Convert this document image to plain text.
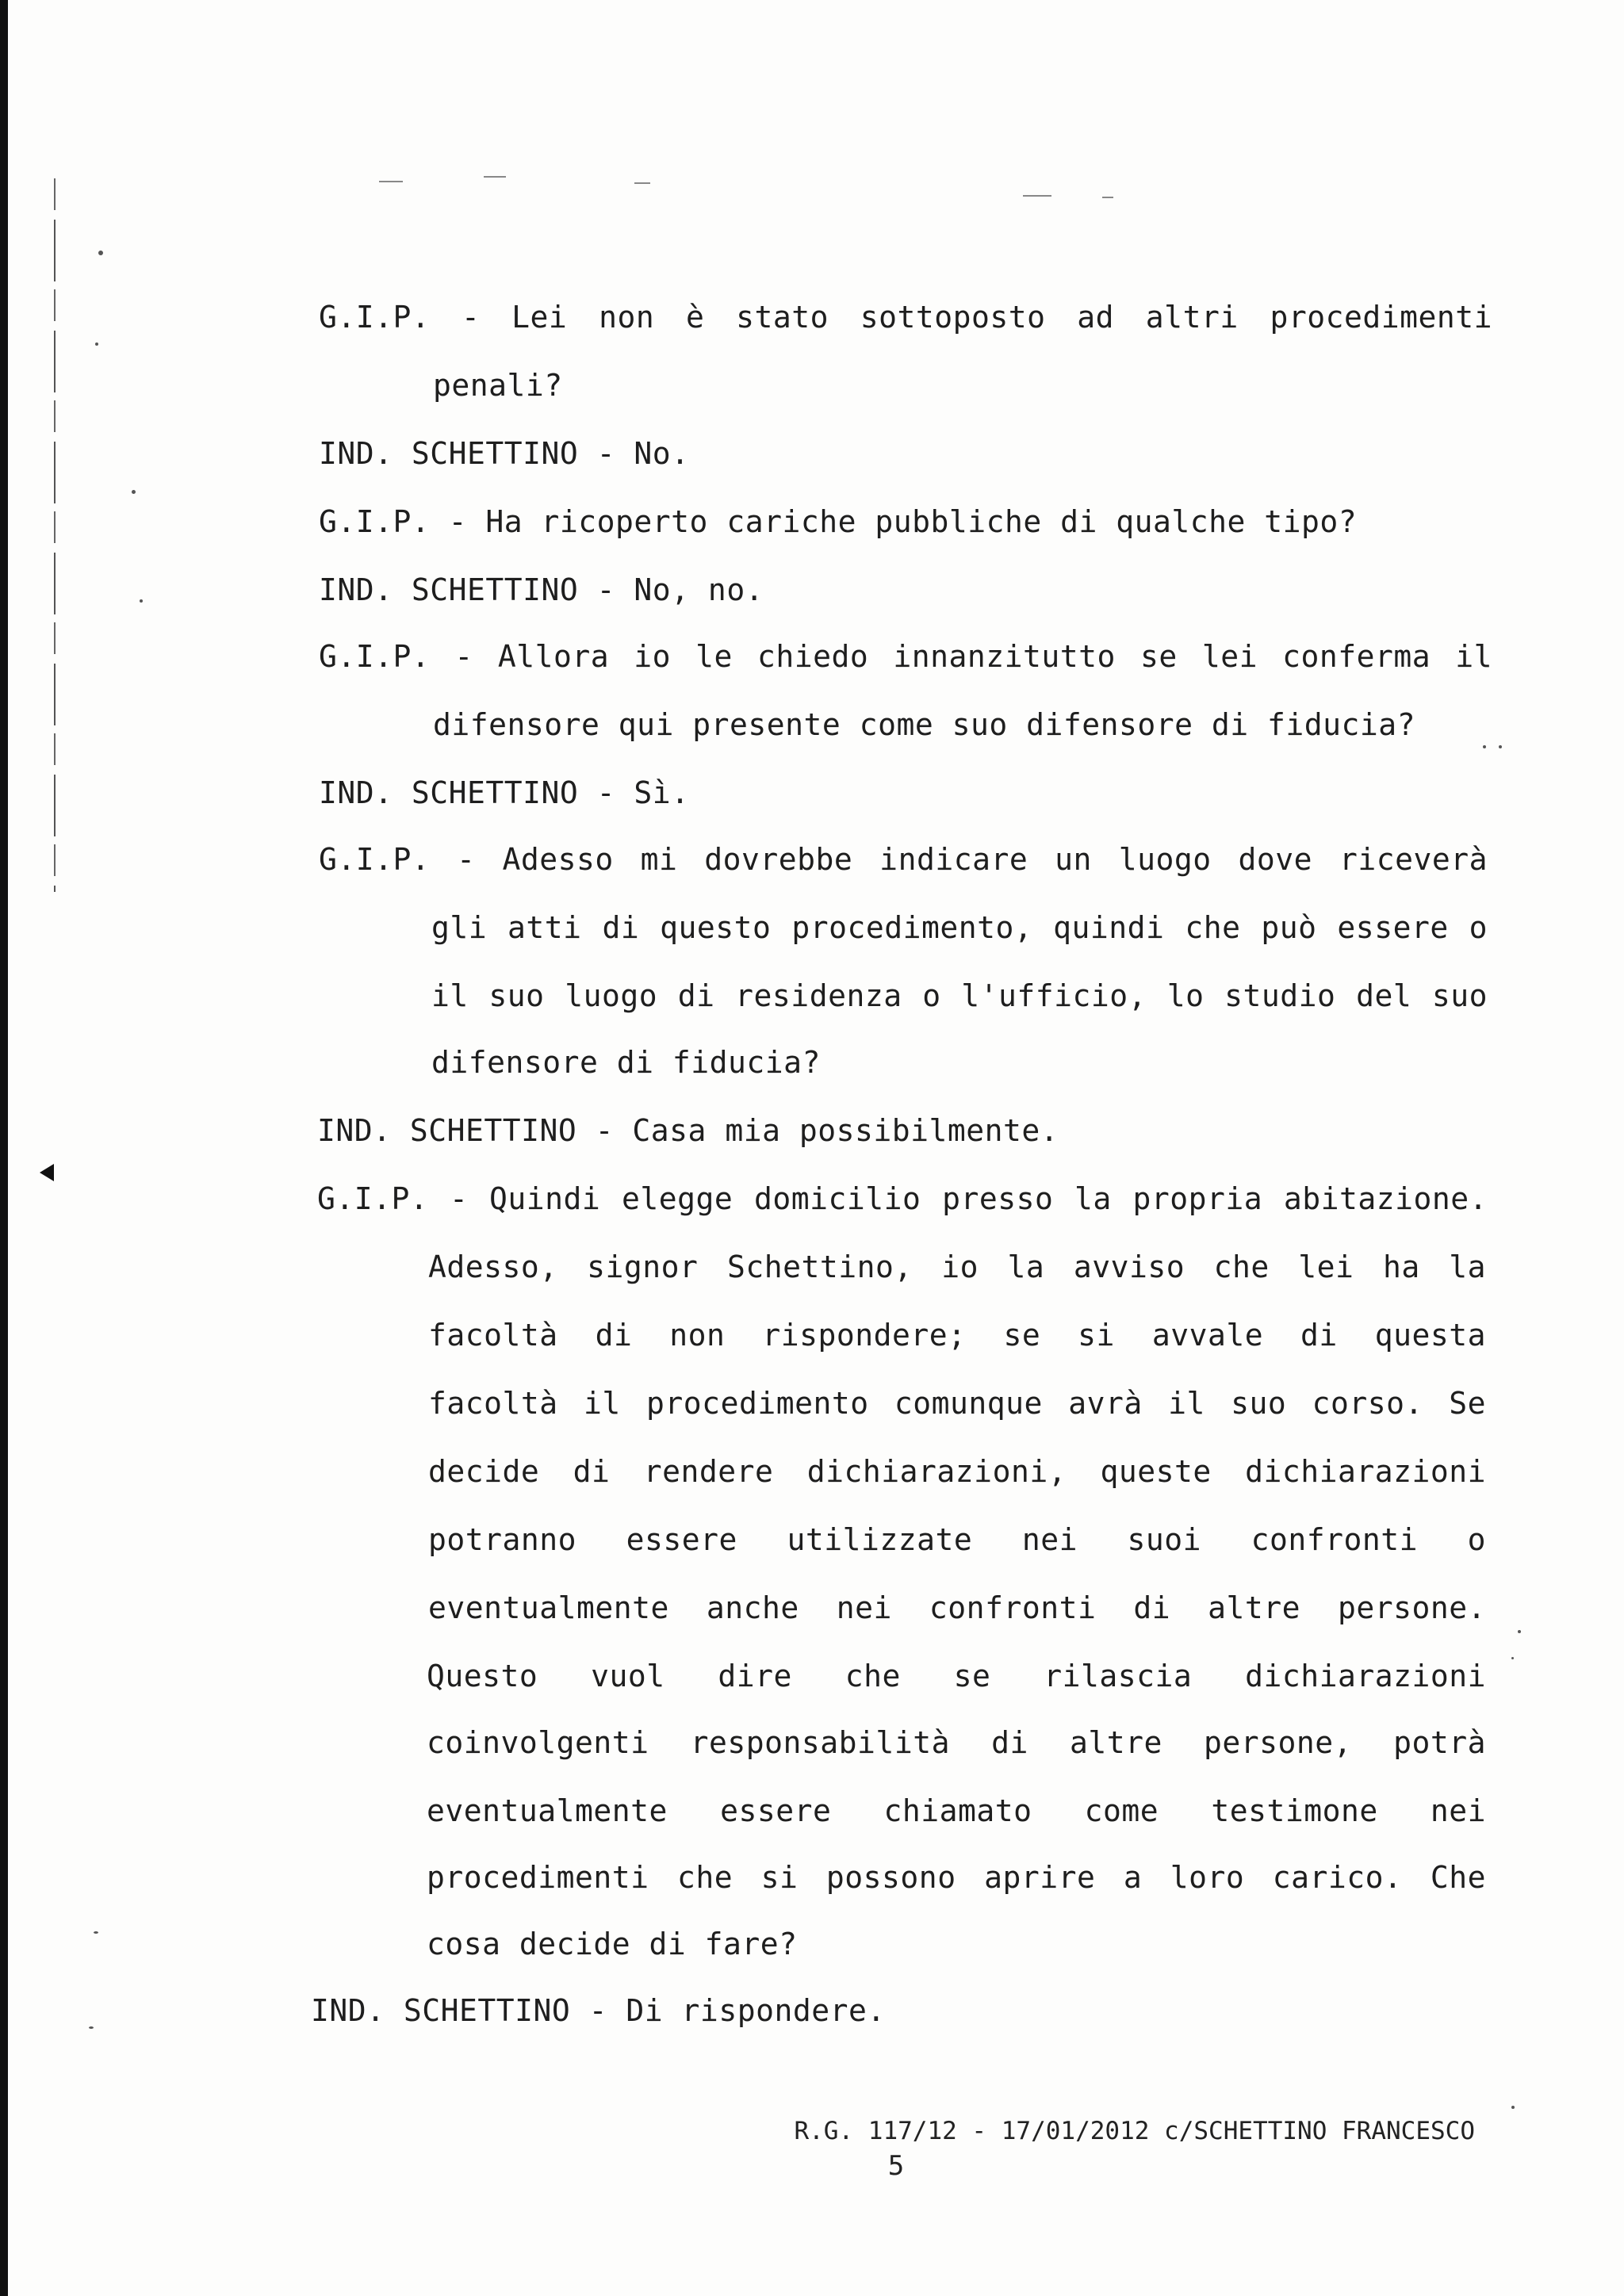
G.I.P. - Lei non è stato sottoposto ad altri procedimenti
penali?
IND. SCHETTINO - No.
G.I.P. - Ha ricoperto cariche pubbliche di qualche tipo?
IND. SCHETTINO - No, no.
G.I.P. - Allora io le chiedo innanzitutto se lei conferma il
difensore qui presente come suo difensore di fiducia?
IND. SCHETTINO - Sì.
G.I.P. - Adesso mi dovrebbe indicare un luogo dove riceverà
gli atti di questo procedimento, quindi che può essere o
il suo luogo di residenza o l'ufficio, lo studio del suo
difensore di fiducia?
IND. SCHETTINO - Casa mia possibilmente.
G.I.P. - Quindi elegge domicilio presso la propria abitazione.
Adesso, signor Schettino, io la avviso che lei ha la
facoltà di non rispondere; se si avvale di questa
facoltà il procedimento comunque avrà il suo corso. Se
decide di rendere dichiarazioni, queste dichiarazioni
potranno essere utilizzate nei suoi confronti o
eventualmente anche nei confronti di altre persone.
Questo vuol dire che se rilascia dichiarazioni
coinvolgenti responsabilità di altre persone, potrà
eventualmente essere chiamato come testimone nei
procedimenti che si possono aprire a loro carico. Che
cosa decide di fare?
IND. SCHETTINO - Di rispondere.
R.G. 117/12 - 17/01/2012 c/SCHETTINO FRANCESCO
5
